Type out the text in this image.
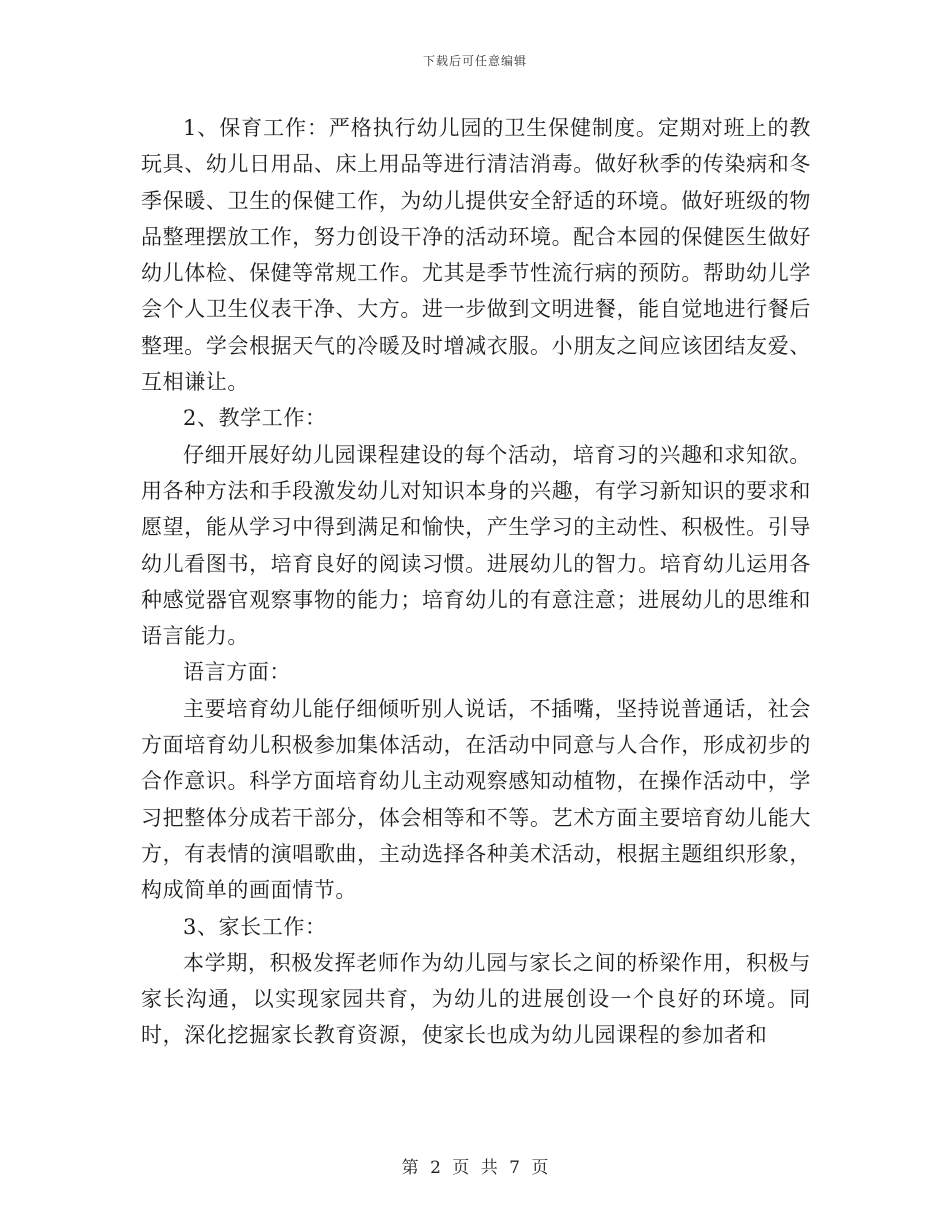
下载后可任意编辑

1、保育工作：严格执行幼儿园的卫生保健制度。定期对班上的教玩具、幼儿日用品、床上用品等进行清洁消毒。做好秋季的传染病和冬季保暖、卫生的保健工作，为幼儿提供安全舒适的环境。做好班级的物品整理摆放工作，努力创设干净的活动环境。配合本园的保健医生做好幼儿体检、保健等常规工作。尤其是季节性流行病的预防。帮助幼儿学会个人卫生仪表干净、大方。进一步做到文明进餐，能自觉地进行餐后整理。学会根据天气的冷暖及时增减衣服。小朋友之间应该团结友爱、互相谦让。

2、教学工作：

仔细开展好幼儿园课程建设的每个活动，培育习的兴趣和求知欲。用各种方法和手段激发幼儿对知识本身的兴趣，有学习新知识的要求和愿望，能从学习中得到满足和愉快，产生学习的主动性、积极性。引导幼儿看图书，培育良好的阅读习惯。进展幼儿的智力。培育幼儿运用各种感觉器官观察事物的能力；培育幼儿的有意注意；进展幼儿的思维和语言能力。

语言方面：

主要培育幼儿能仔细倾听别人说话，不插嘴，坚持说普通话，社会方面培育幼儿积极参加集体活动，在活动中同意与人合作，形成初步的合作意识。科学方面培育幼儿主动观察感知动植物，在操作活动中，学习把整体分成若干部分，体会相等和不等。艺术方面主要培育幼儿能大方，有表情的演唱歌曲，主动选择各种美术活动，根据主题组织形象，构成简单的画面情节。

3、家长工作：

本学期，积极发挥老师作为幼儿园与家长之间的桥梁作用，积极与家长沟通，以实现家园共育，为幼儿的进展创设一个良好的环境。同时，深化挖掘家长教育资源，使家长也成为幼儿园课程的参加者和

第 2 页 共 7 页
